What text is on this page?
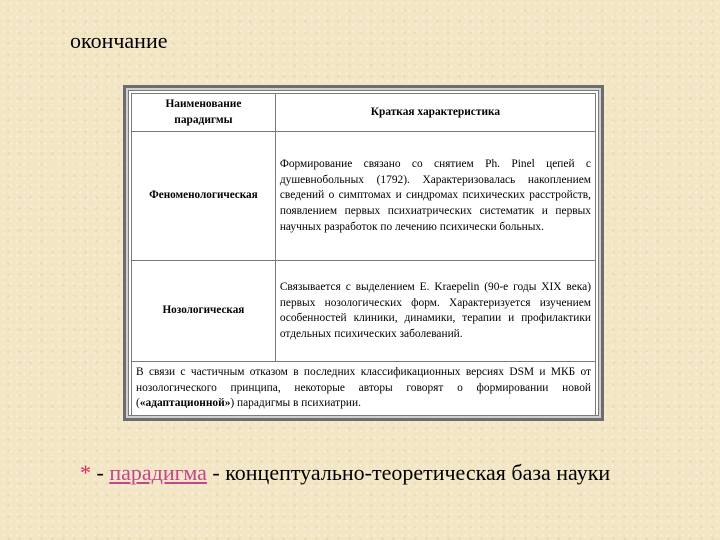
окончание
Наименование парадигмы	Краткая характеристика
Феноменологическая	Формирование связано со снятием Ph. Pinel цепей с душевнобольных (1792). Характеризовалась накоплением сведений о симптомах и синдромах психических расстройств, появлением первых психиатрических систематик и первых научных разработок по лечению психически больных.
Нозологическая	Связывается с выделением E. Kraepelin (90-е годы XIX века) первых нозологических форм. Характеризуется изучением особенностей клиники, динамики, терапии и профилактики отдельных психических заболеваний.
В связи с частичным отказом в последних классификационных версиях DSM и МКБ от нозологического принципа, некоторые авторы говорят о формировании новой («адаптационной») парадигмы в психиатрии.	
* - парадигма - концептуально-теоретическая база науки
